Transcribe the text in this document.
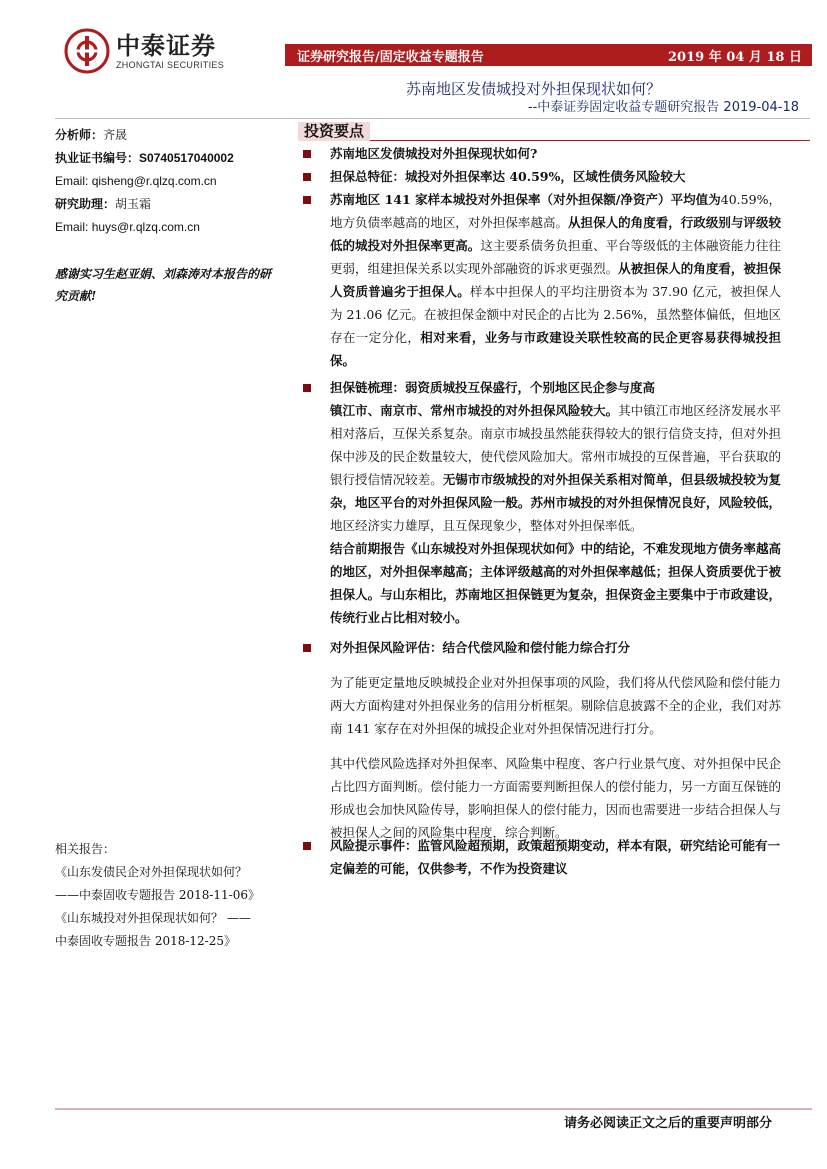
中泰证券
ZHONGTAI SECURITIES	证券研究报告/固定收益专题报告	2019 年 04 月 18 日
苏南地区发债城投对外担保现状如何？
--中泰证券固定收益专题研究报告 2019-04-18
分析师：齐晟
执业证书编号：S0740517040002
Email: qisheng@r.qlzq.com.cn
研究助理：胡玉霜
Email: huys@r.qlzq.com.cn
感谢实习生赵亚娟、刘森涛对本报告的研究贡献!
相关报告：
《山东发债民企对外担保现状如何？
——中泰固收专题报告 2018-11-06》
《山东城投对外担保现状如何？ ——
中泰固收专题报告 2018-12-25》
投资要点
苏南地区发债城投对外担保现状如何?
担保总特征：城投对外担保率达 40.59%，区域性债务风险较大
苏南地区 141 家样本城投对外担保率（对外担保额/净资产）平均值为40.59%，地方负债率越高的地区，对外担保率越高。从担保人的角度看，行政级别与评级较低的城投对外担保率更高。这主要系债务负担重、平台等级低的主体融资能力往往更弱，组建担保关系以实现外部融资的诉求更强烈。从被担保人的角度看，被担保人资质普遍劣于担保人。样本中担保人的平均注册资本为 37.90 亿元，被担保人为 21.06 亿元。在被担保金额中对民企的占比为 2.56%，虽然整体偏低，但地区存在一定分化，相对来看，业务与市政建设关联性较高的民企更容易获得城投担保。
担保链梳理：弱资质城投互保盛行，个别地区民企参与度高
镇江市、南京市、常州市城投的对外担保风险较大。其中镇江市地区经济发展水平相对落后，互保关系复杂。南京市城投虽然能获得较大的银行信贷支持，但对外担保中涉及的民企数量较大，使代偿风险加大。常州市城投的互保普遍，平台获取的银行授信情况较差。无锡市市级城投的对外担保关系相对简单，但县级城投较为复杂，地区平台的对外担保风险一般。苏州市城投的对外担保情况良好，风险较低，地区经济实力雄厚，且互保现象少，整体对外担保率低。
结合前期报告《山东城投对外担保现状如何》中的结论，不难发现地方债务率越高的地区，对外担保率越高；主体评级越高的对外担保率越低；担保人资质要优于被担保人。与山东相比，苏南地区担保链更为复杂，担保资金主要集中于市政建设，传统行业占比相对较小。
对外担保风险评估：结合代偿风险和偿付能力综合打分
为了能更定量地反映城投企业对外担保事项的风险，我们将从代偿风险和偿付能力两大方面构建对外担保业务的信用分析框架。剔除信息披露不全的企业，我们对苏南 141 家存在对外担保的城投企业对外担保情况进行打分。
其中代偿风险选择对外担保率、风险集中程度、客户行业景气度、对外担保中民企占比四方面判断。偿付能力一方面需要判断担保人的偿付能力，另一方面互保链的形成也会加快风险传导，影响担保人的偿付能力，因而也需要进一步结合担保人与被担保人之间的风险集中程度，综合判断。
风险提示事件：监管风险超预期，政策超预期变动，样本有限，研究结论可能有一定偏差的可能，仅供参考，不作为投资建议
请务必阅读正文之后的重要声明部分
